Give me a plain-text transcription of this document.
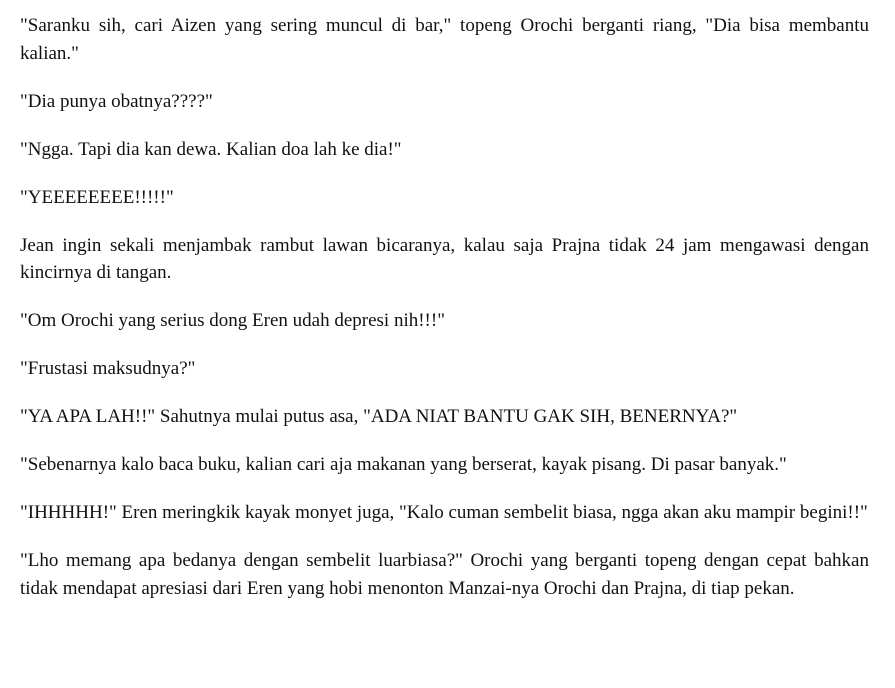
"Saranku sih, cari Aizen yang sering muncul di bar," topeng Orochi berganti riang, "Dia bisa membantu kalian."

"Dia punya obatnya????"

"Ngga. Tapi dia kan dewa. Kalian doa lah ke dia!"

"YEEEEEEEE!!!!!"

Jean ingin sekali menjambak rambut lawan bicaranya, kalau saja Prajna tidak 24 jam mengawasi dengan kincirnya di tangan.

"Om Orochi yang serius dong Eren udah depresi nih!!!"

"Frustasi maksudnya?"

"YA APA LAH!!" Sahutnya mulai putus asa, "ADA NIAT BANTU GAK SIH, BENERNYA?"

"Sebenarnya kalo baca buku, kalian cari aja makanan yang berserat, kayak pisang. Di pasar banyak."

"IHHHHH!" Eren meringkik kayak monyet juga, "Kalo cuman sembelit biasa, ngga akan aku mampir begini!!"

"Lho memang apa bedanya dengan sembelit luarbiasa?" Orochi yang berganti topeng dengan cepat bahkan tidak mendapat apresiasi dari Eren yang hobi menonton Manzai-nya Orochi dan Prajna, di tiap pekan.
